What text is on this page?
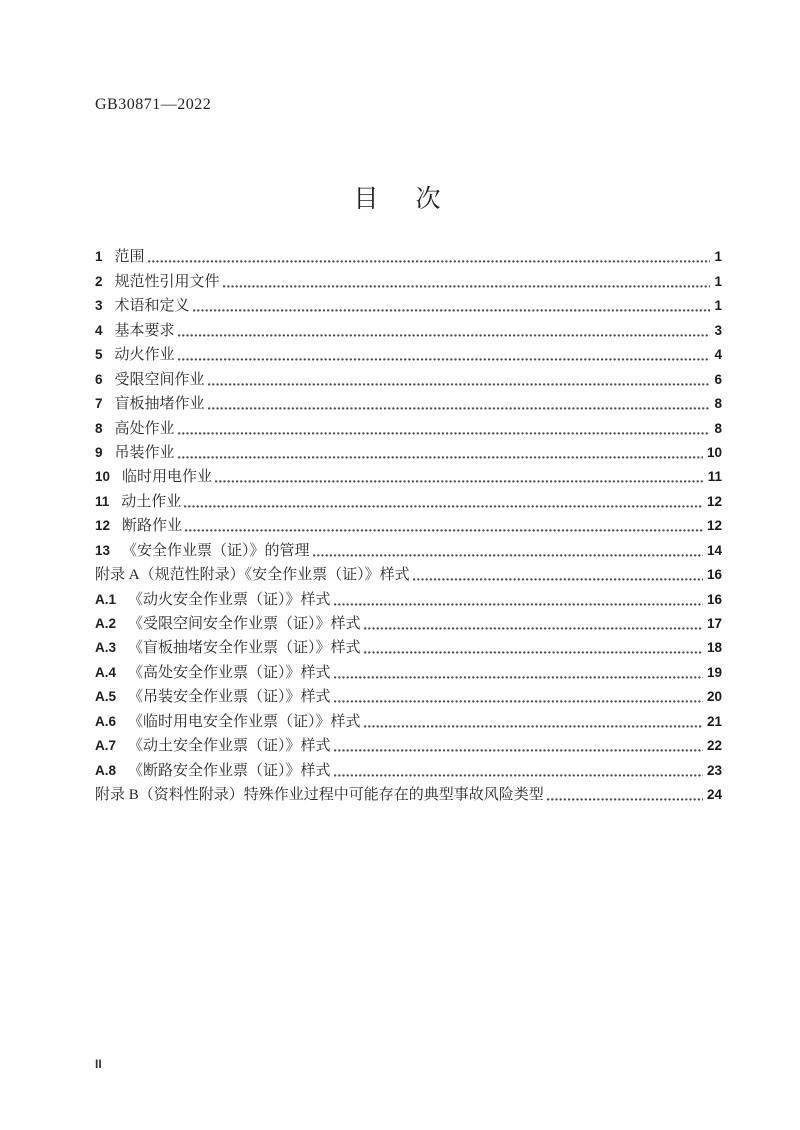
GB30871—2022
目　次
1 范围	1
2 规范性引用文件	1
3 术语和定义	1
4 基本要求	3
5 动火作业	4
6 受限空间作业	6
7 盲板抽堵作业	8
8 高处作业	8
9 吊装作业	10
10 临时用电作业	11
11 动土作业	12
12 断路作业	12
13 《安全作业票（证）》的管理	14
附录 A（规范性附录）《安全作业票（证）》样式	16
A.1 《动火安全作业票（证）》样式	16
A.2 《受限空间安全作业票（证）》样式	17
A.3 《盲板抽堵安全作业票（证）》样式	18
A.4 《高处安全作业票（证）》样式	19
A.5 《吊装安全作业票（证）》样式	20
A.6 《临时用电安全作业票（证）》样式	21
A.7 《动土安全作业票（证）》样式	22
A.8 《断路安全作业票（证）》样式	23
附录 B（资料性附录）特殊作业过程中可能存在的典型事故风险类型	24
II
